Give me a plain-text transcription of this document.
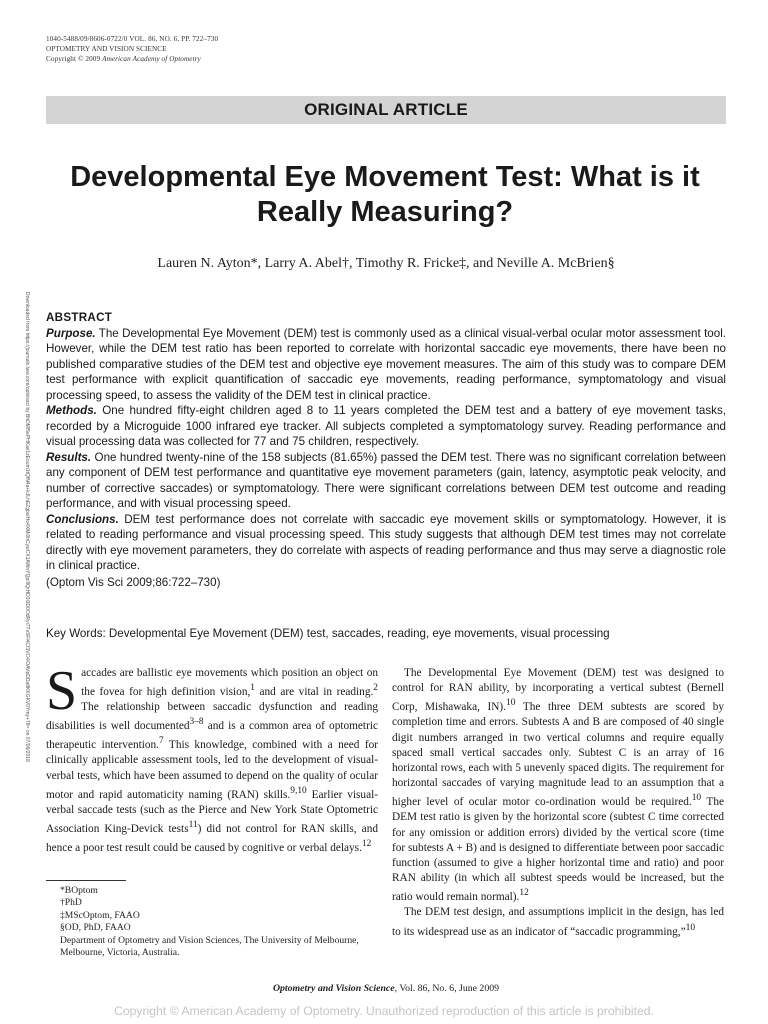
1040-5488/09/8606-0722/0 VOL. 86, NO. 6, PP. 722–730
OPTOMETRY AND VISION SCIENCE
Copyright © 2009 American Academy of Optometry
ORIGINAL ARTICLE
Developmental Eye Movement Test: What is it
Really Measuring?
Lauren N. Ayton*, Larry A. Abel†, Timothy R. Fricke‡, and Neville A. McBrien§
Downloaded from https://journals.lww.com/optvissci by BhDMf5ePHKav1zEoum1tQfN4a+kJLhEZgbsIHo4XMi0hCywCX1AWnYQp/IlQrHD3i3D0OdRyi7TvSFl4Cf3VC4/OAVpDDa8KKGKV0Ymy+78= on 07/06/2018 ABSTRACT

Purpose. The Developmental Eye Movement (DEM) test is commonly used as a clinical visual-verbal ocular motor assessment tool. However, while the DEM test ratio has been reported to correlate with horizontal saccadic eye movements, there have been no published comparative studies of the DEM test and objective eye movement measures. The aim of this study was to compare DEM test performance with explicit quantification of saccadic eye movements, reading performance, symptomatology and visual processing speed, to assess the validity of the DEM test in clinical practice.

Methods. One hundred fifty-eight children aged 8 to 11 years completed the DEM test and a battery of eye movement tasks, recorded by a Microguide 1000 infrared eye tracker. All subjects completed a symptomatology survey. Reading performance and visual processing data was collected for 77 and 75 children, respectively.

Results. One hundred twenty-nine of the 158 subjects (81.65%) passed the DEM test. There was no significant correlation between any component of DEM test performance and quantitative eye movement parameters (gain, latency, asymptotic peak velocity, and number of corrective saccades) or symptomatology. There were significant correlations between DEM test outcome and reading performance, and with visual processing speed.

Conclusions. DEM test performance does not correlate with saccadic eye movement skills or symptomatology. However, it is related to reading performance and visual processing speed. This study suggests that although DEM test times may not correlate directly with eye movement parameters, they do correlate with aspects of reading performance and thus may serve a diagnostic role in clinical practice.

(Optom Vis Sci 2009;86:722–730)

Key Words: Developmental Eye Movement (DEM) test, saccades, reading, eye movements, visual processing

Saccades are ballistic eye movements which position an object on the fovea for high definition vision,$^1$ and are vital in reading.$^2$ The relationship between saccadic dysfunction and reading disabilities is well documented$^{3-8}$ and is a common area of optometric therapeutic intervention.$^7$ This knowledge, combined with a need for clinically applicable assessment tools, led to the development of visual-verbal tests, which have been assumed to depend on the quality of ocular motor and rapid automaticity naming (RAN) skills.$^{9,10}$ Earlier visual-verbal saccade tests (such as the Pierce and New York State Optometric Association King-Devick tests$^{11}$) did not control for RAN skills, and hence a poor test result could be caused by cognitive or verbal delays.$^{12}$

*BOptom
†PhD
‡MScOptom, FAAO
§OD, PhD, FAAO
Department of Optometry and Vision Sciences, The University of Melbourne, Melbourne, Victoria, Australia.

The Developmental Eye Movement (DEM) test was designed to control for RAN ability, by incorporating a vertical subtest (Bernell Corp, Mishawaka, IN).$^{10}$ The three DEM subtests are scored by completion time and errors. Subtests A and B are composed of 40 single digit numbers arranged in two vertical columns and require equally spaced small vertical saccades only. Subtest C is an array of 16 horizontal rows, each with 5 unevenly spaced digits. The requirement for horizontal saccades of varying magnitude lead to an assumption that a higher level of ocular motor co-ordination would be required.$^{10}$ The DEM test ratio is given by the horizontal score (subtest C time corrected for any omission or addition errors) divided by the vertical score (time for subtests A + B) and is designed to differentiate between poor saccadic function (assumed to give a higher horizontal time and ratio) and poor RAN ability (in which all subtest speeds would be increased, but the ratio would remain normal).$^{12}$

The DEM test design, and assumptions implicit in the design, has led to its widespread use as an indicator of “saccadic programming,”$^{10}$

Optometry and Vision Science, Vol. 86, No. 6, June 2009
Copyright © American Academy of Optometry. Unauthorized reproduction of this article is prohibited.
